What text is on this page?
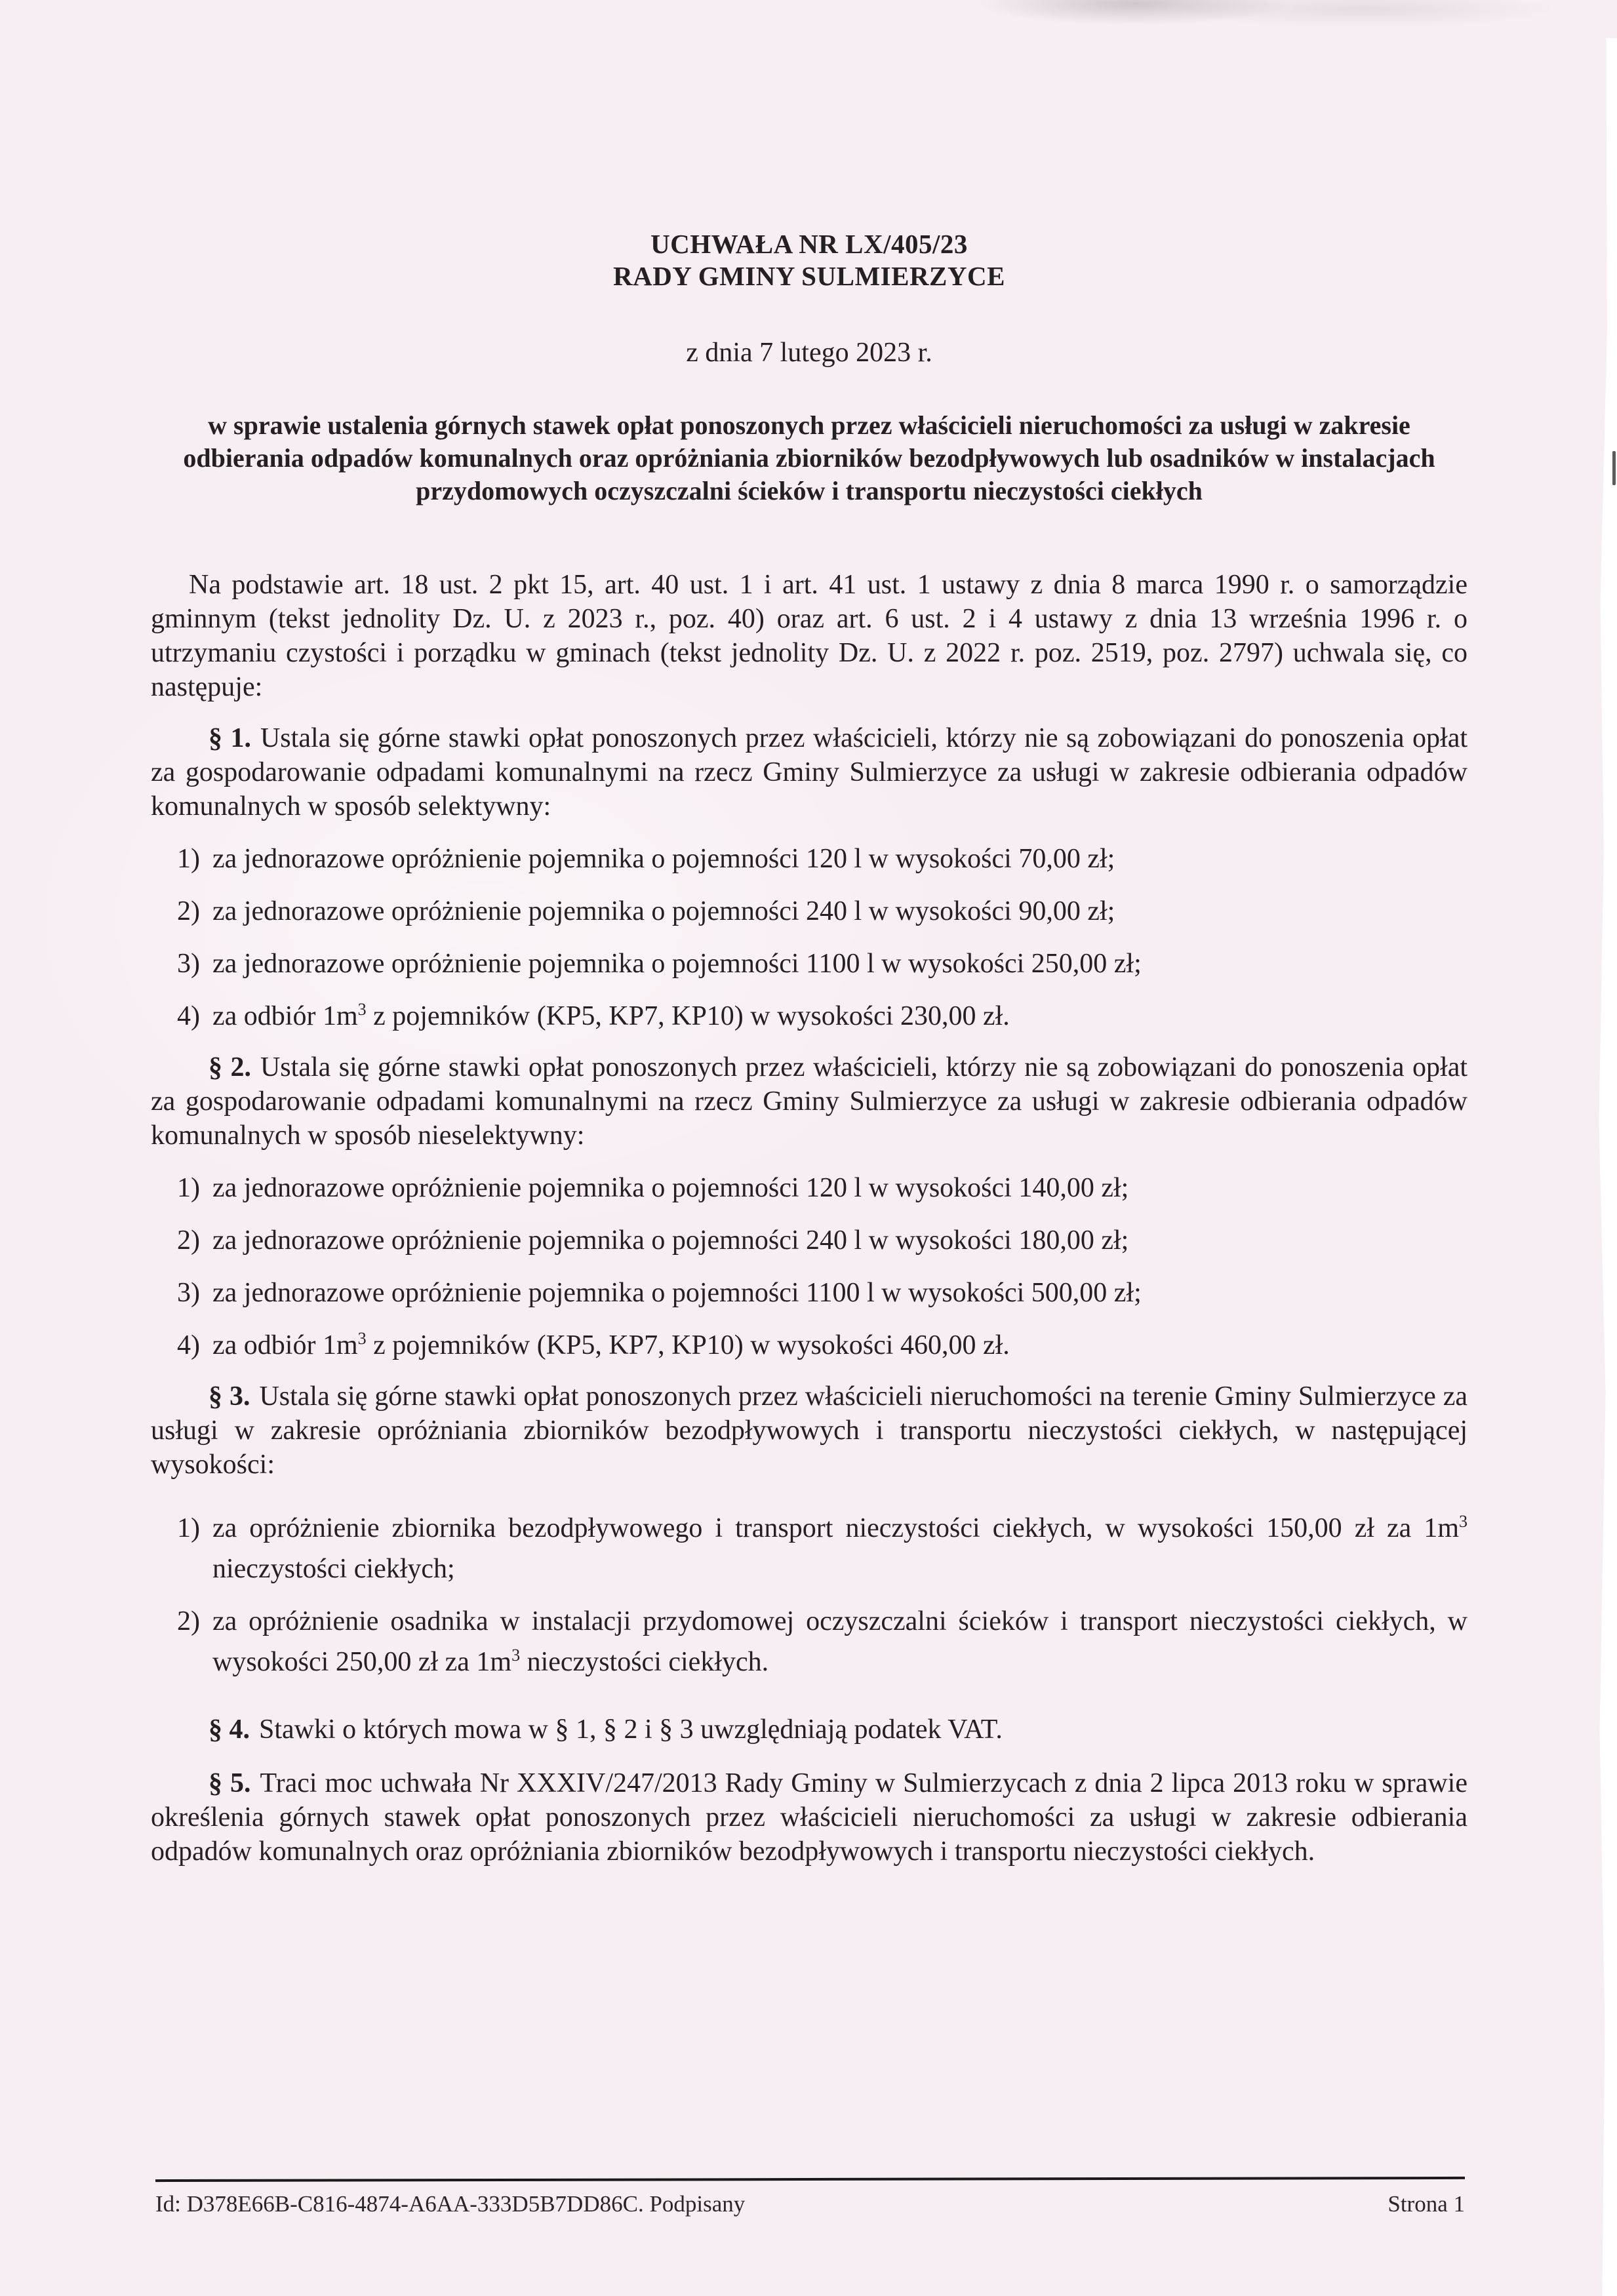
UCHWAŁA NR LX/405/23
RADY GMINY SULMIERZYCE
z dnia 7 lutego 2023 r.
w sprawie ustalenia górnych stawek opłat ponoszonych przez właścicieli nieruchomości za usługi w zakresie odbierania odpadów komunalnych oraz opróżniania zbiorników bezodpływowych lub osadników w instalacjach przydomowych oczyszczalni ścieków i transportu nieczystości ciekłych

Na podstawie art. 18 ust. 2 pkt 15, art. 40 ust. 1 i art. 41 ust. 1 ustawy z dnia 8 marca 1990 r. o samorządzie gminnym (tekst jednolity Dz. U. z 2023 r., poz. 40) oraz art. 6 ust. 2 i 4 ustawy z dnia 13 września 1996 r. o utrzymaniu czystości i porządku w gminach (tekst jednolity Dz. U. z 2022 r. poz. 2519, poz. 2797) uchwala się, co następuje:

§ 1. Ustala się górne stawki opłat ponoszonych przez właścicieli, którzy nie są zobowiązani do ponoszenia opłat za gospodarowanie odpadami komunalnymi na rzecz Gminy Sulmierzyce za usługi w zakresie odbierania odpadów komunalnych w sposób selektywny:

1) za jednorazowe opróżnienie pojemnika o pojemności 120 l w wysokości 70,00 zł;
2) za jednorazowe opróżnienie pojemnika o pojemności 240 l w wysokości 90,00 zł;
3) za jednorazowe opróżnienie pojemnika o pojemności 1100 l w wysokości 250,00 zł;
4) za odbiór $1m^3$ z pojemników (KP5, KP7, KP10) w wysokości 230,00 zł.

§ 2. Ustala się górne stawki opłat ponoszonych przez właścicieli, którzy nie są zobowiązani do ponoszenia opłat za gospodarowanie odpadami komunalnymi na rzecz Gminy Sulmierzyce za usługi w zakresie odbierania odpadów komunalnych w sposób nieselektywny:

1) za jednorazowe opróżnienie pojemnika o pojemności 120 l w wysokości 140,00 zł;
2) za jednorazowe opróżnienie pojemnika o pojemności 240 l w wysokości 180,00 zł;
3) za jednorazowe opróżnienie pojemnika o pojemności 1100 l w wysokości 500,00 zł;
4) za odbiór $1m^3$ z pojemników (KP5, KP7, KP10) w wysokości 460,00 zł.

§ 3. Ustala się górne stawki opłat ponoszonych przez właścicieli nieruchomości na terenie Gminy Sulmierzyce za usługi w zakresie opróżniania zbiorników bezodpływowych i transportu nieczystości ciekłych, w następującej wysokości:

1) za opróżnienie zbiornika bezodpływowego i transport nieczystości ciekłych, w wysokości 150,00 zł za $1m^3$ nieczystości ciekłych;
2) za opróżnienie osadnika w instalacji przydomowej oczyszczalni ścieków i transport nieczystości ciekłych, w wysokości 250,00 zł za $1m^3$ nieczystości ciekłych.

§ 4. Stawki o których mowa w § 1, § 2 i § 3 uwzględniają podatek VAT.

§ 5. Traci moc uchwała Nr XXXIV/247/2013 Rady Gminy w Sulmierzycach z dnia 2 lipca 2013 roku w sprawie określenia górnych stawek opłat ponoszonych przez właścicieli nieruchomości za usługi w zakresie odbierania odpadów komunalnych oraz opróżniania zbiorników bezodpływowych i transportu nieczystości ciekłych.

Id: D378E66B-C816-4874-A6AA-333D5B7DD86C. Podpisany	Strona 1
